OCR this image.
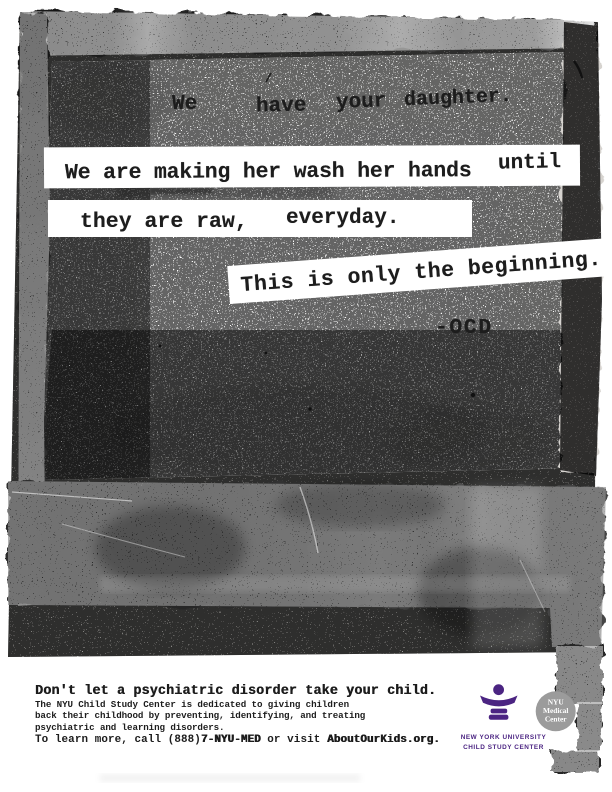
NYU
Medical
Center
We	have your daughter.
We are making her wash her hands until
they are raw, everyday.
This is only the beginning.
-OCD
Don't let a psychiatric disorder take your child.
The NYU Child Study Center is dedicated to giving children
back their childhood by preventing, identifying, and treating
psychiatric and learning disorders.
To learn more, call (888)7-NYU-MED or visit AboutOurKids.org.	NEW YORK UNIVERSITY
CHILD STUDY CENTER
